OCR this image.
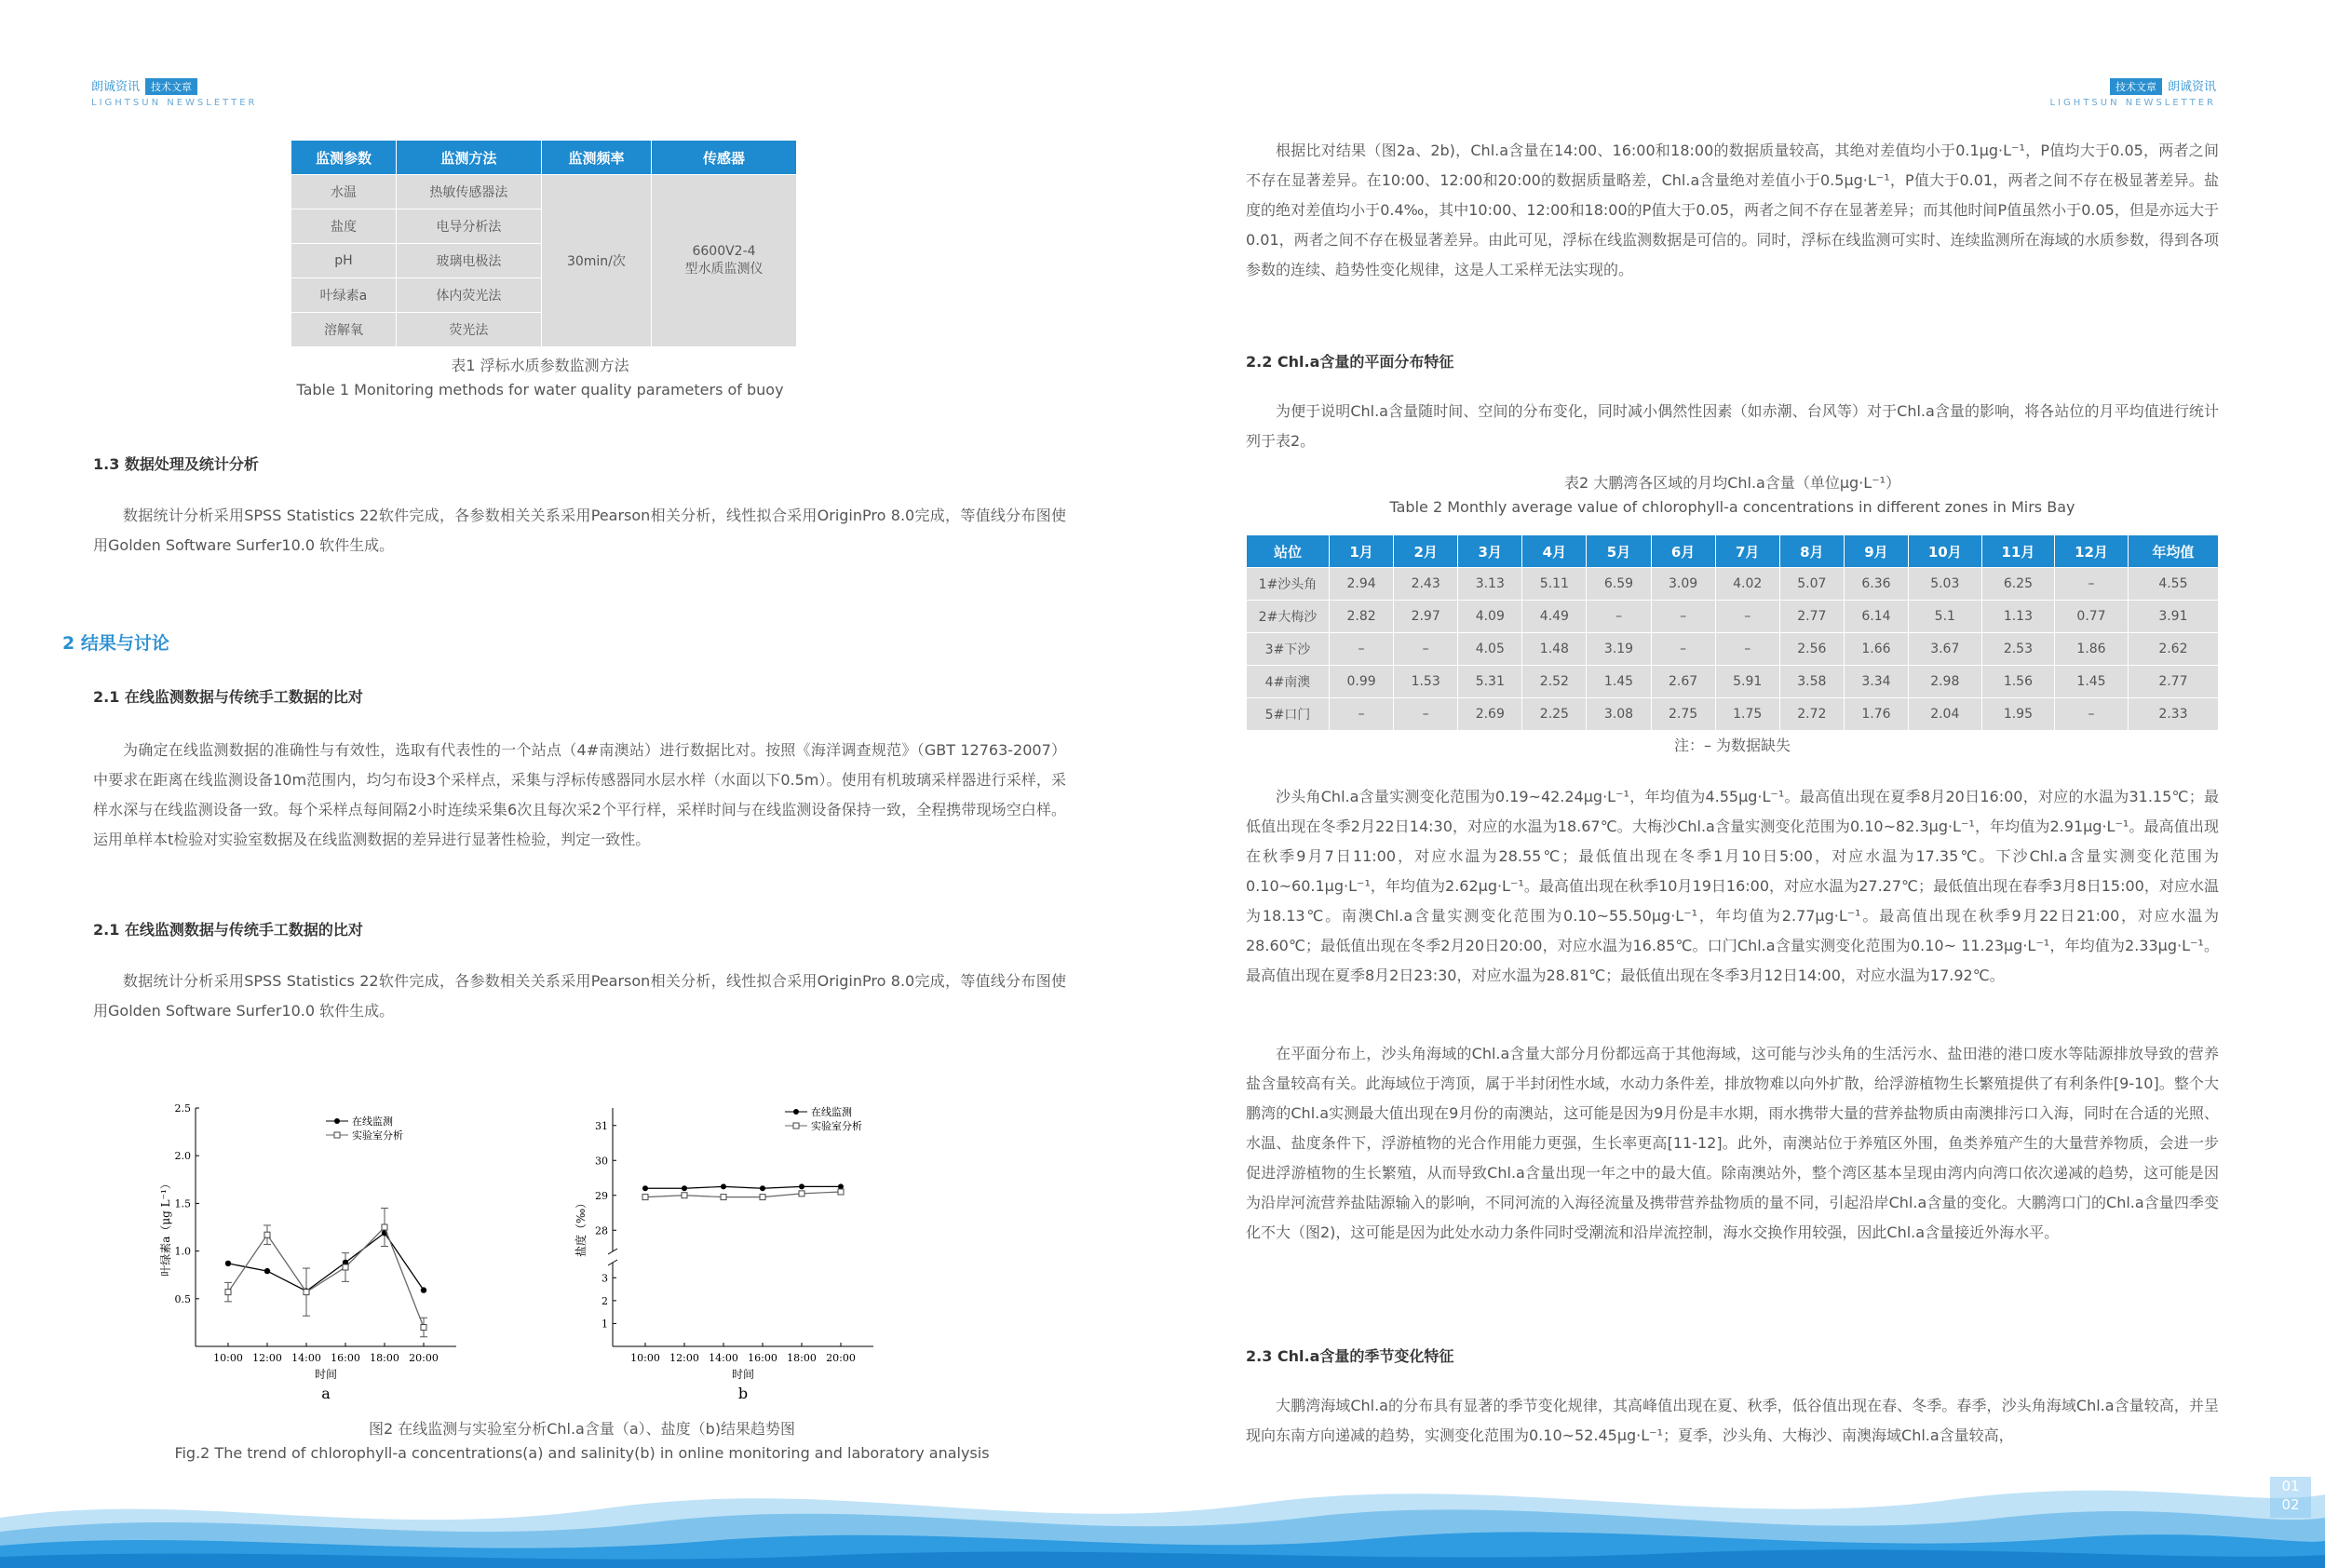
朗诚资讯 技术文章
LIGHTSUN NEWSLETTER
技术文章 朗诚资讯
LIGHTSUN NEWSLETTER
监测参数	监测方法	监测频率	传感器
水温	热敏传感器法	30min/次	6600V2-4
型水质监测仪

盐度	电导分析法		
pH	玻璃电极法		
叶绿素a	体内荧光法		
溶解氧	荧光法		
表1 浮标水质参数监测方法
Table 1 Monitoring methods for water quality parameters of buoy
1.3 数据处理及统计分析
数据统计分析采用SPSS Statistics 22软件完成，各参数相关关系采用Pearson相关分析，线性拟合采用OriginPro 8.0完成，等值线分布图使用Golden Software Surfer10.0 软件生成。
2 结果与讨论
2.1 在线监测数据与传统手工数据的比对
为确定在线监测数据的准确性与有效性，选取有代表性的一个站点（4#南澳站）进行数据比对。按照《海洋调查规范》（GBT 12763-2007）中要求在距离在线监测设备10m范围内，均匀布设3个采样点，采集与浮标传感器同水层水样（水面以下0.5m）。使用有机玻璃采样器进行采样，采样水深与在线监测设备一致。每个采样点每间隔2小时连续采集6次且每次采2个平行样，采样时间与在线监测设备保持一致，全程携带现场空白样。运用单样本t检验对实验室数据及在线监测数据的差异进行显著性检验，判定一致性。
2.1 在线监测数据与传统手工数据的比对
数据统计分析采用SPSS Statistics 22软件完成，各参数相关关系采用Pearson相关分析，线性拟合采用OriginPro 8.0完成，等值线分布图使用Golden Software Surfer10.0 软件生成。
0.5
1.0
1.5
2.0
2.5
10:00 12:00 14:00 16:00 18:00 20:00
时间
a
叶绿素a（μg L⁻¹）
在线监测
实验室分析
28
29
30
31
1
2
3
10:00 12:00 14:00 16:00 18:00 20:00
时间
b
盐度（‰）
在线监测
实验室分析
图2 在线监测与实验室分析Chl.a含量（a）、盐度（b)结果趋势图
Fig.2 The trend of chlorophyll-a concentrations(a) and salinity(b) in online monitoring and laboratory analysis
根据比对结果（图2a、2b)，Chl.a含量在14:00、16:00和18:00的数据质量较高，其绝对差值均小于0.1μg·L⁻¹，P值均大于0.05，两者之间不存在显著差异。在10:00、12:00和20:00的数据质量略差，Chl.a含量绝对差值小于0.5μg·L⁻¹，P值大于0.01，两者之间不存在极显著差异。盐度的绝对差值均小于0.4‰，其中10:00、12:00和18:00的P值大于0.05，两者之间不存在显著差异；而其他时间P值虽然小于0.05，但是亦远大于0.01，两者之间不存在极显著差异。由此可见，浮标在线监测数据是可信的。同时，浮标在线监测可实时、连续监测所在海域的水质参数，得到各项参数的连续、趋势性变化规律，这是人工采样无法实现的。
2.2 Chl.a含量的平面分布特征
为便于说明Chl.a含量随时间、空间的分布变化，同时减小偶然性因素（如赤潮、台风等）对于Chl.a含量的影响，将各站位的月平均值进行统计列于表2。
表2 大鹏湾各区域的月均Chl.a含量（单位μg·L⁻¹）
Table 2 Monthly average value of chlorophyll-a concentrations in different zones in Mirs Bay
站位	1月	2月	3月	4月	5月	6月	7月	8月	9月	10月	11月	12月	年均值
1#沙头角	2.94	2.43	3.13	5.11	6.59	3.09	4.02	5.07	6.36	5.03	6.25	–	4.55
2#大梅沙	2.82	2.97	4.09	4.49	–	–	–	2.77	6.14	5.1	1.13	0.77	3.91
3#下沙	–	–	4.05	1.48	3.19	–	–	2.56	1.66	3.67	2.53	1.86	2.62
4#南澳	0.99	1.53	5.31	2.52	1.45	2.67	5.91	3.58	3.34	2.98	1.56	1.45	2.77
5#口门	–	–	2.69	2.25	3.08	2.75	1.75	2.72	1.76	2.04	1.95	–	2.33
注：– 为数据缺失
沙头角Chl.a含量实测变化范围为0.19~42.24μg·L⁻¹，年均值为4.55μg·L⁻¹。最高值出现在夏季8月20日16:00，对应的水温为31.15℃；最低值出现在冬季2月22日14:30，对应的水温为18.67℃。大梅沙Chl.a含量实测变化范围为0.10~82.3μg·L⁻¹，年均值为2.91μg·L⁻¹。最高值出现在秋季9月7日11:00，对应水温为28.55℃；最低值出现在冬季1月10日5:00，对应水温为17.35℃。下沙Chl.a含量实测变化范围为0.10~60.1μg·L⁻¹，年均值为2.62μg·L⁻¹。最高值出现在秋季10月19日16:00，对应水温为27.27℃；最低值出现在春季3月8日15:00，对应水温为18.13℃。南澳Chl.a含量实测变化范围为0.10~55.50μg·L⁻¹，年均值为2.77μg·L⁻¹。最高值出现在秋季9月22日21:00，对应水温为28.60℃；最低值出现在冬季2月20日20:00，对应水温为16.85℃。口门Chl.a含量实测变化范围为0.10~ 11.23μg·L⁻¹，年均值为2.33μg·L⁻¹。最高值出现在夏季8月2日23:30，对应水温为28.81℃；最低值出现在冬季3月12日14:00，对应水温为17.92℃。
在平面分布上，沙头角海域的Chl.a含量大部分月份都远高于其他海域，这可能与沙头角的生活污水、盐田港的港口废水等陆源排放导致的营养盐含量较高有关。此海域位于湾顶，属于半封闭性水域，水动力条件差，排放物难以向外扩散，给浮游植物生长繁殖提供了有利条件[9-10]。整个大鹏湾的Chl.a实测最大值出现在9月份的南澳站，这可能是因为9月份是丰水期，雨水携带大量的营养盐物质由南澳排污口入海，同时在合适的光照、水温、盐度条件下，浮游植物的光合作用能力更强，生长率更高[11-12]。此外，南澳站位于养殖区外围，鱼类养殖产生的大量营养物质，会进一步促进浮游植物的生长繁殖，从而导致Chl.a含量出现一年之中的最大值。除南澳站外，整个湾区基本呈现由湾内向湾口依次递减的趋势，这可能是因为沿岸河流营养盐陆源输入的影响，不同河流的入海径流量及携带营养盐物质的量不同，引起沿岸Chl.a含量的变化。大鹏湾口门的Chl.a含量四季变化不大（图2)，这可能是因为此处水动力条件同时受潮流和沿岸流控制，海水交换作用较强，因此Chl.a含量接近外海水平。
2.3 Chl.a含量的季节变化特征
大鹏湾海域Chl.a的分布具有显著的季节变化规律，其高峰值出现在夏、秋季，低谷值出现在春、冬季。春季，沙头角海域Chl.a含量较高，并呈现向东南方向递减的趋势，实测变化范围为0.10~52.45μg·L⁻¹；夏季，沙头角、大梅沙、南澳海域Chl.a含量较高，
01
02
